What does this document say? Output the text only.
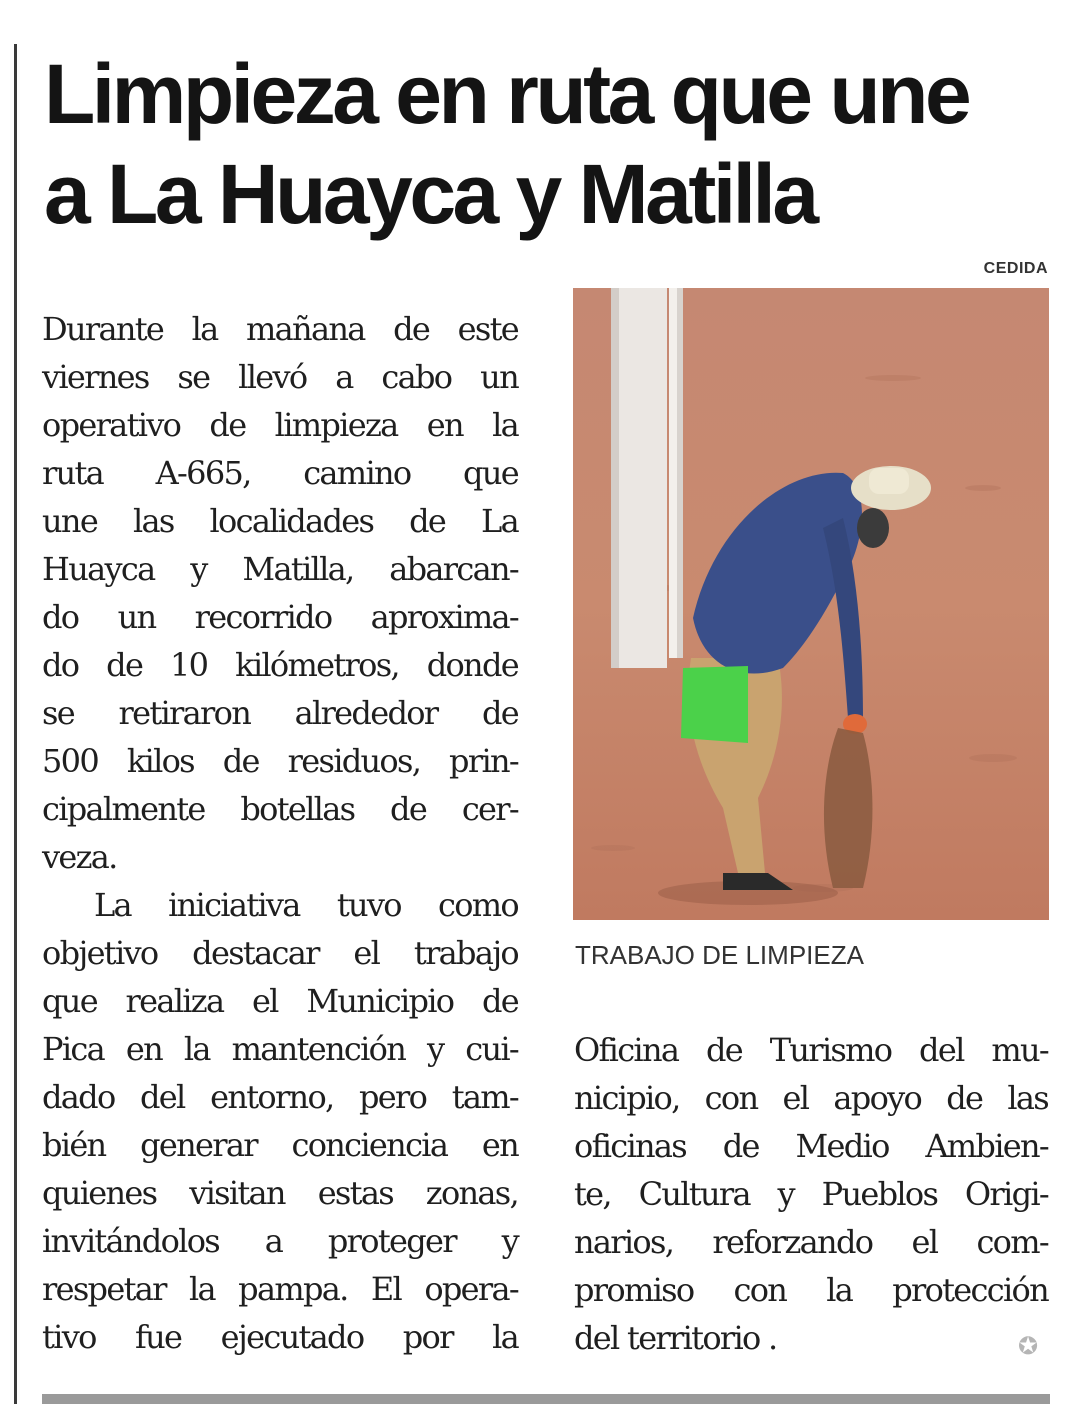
Limpieza en ruta que une
a La Huayca y Matilla
Durante la mañana de este
viernes se llevó a cabo un
operativo de limpieza en la
ruta A-665, camino que
une las localidades de La
Huayca y Matilla, abarcan-
do un recorrido aproxima-
do de 10 kilómetros, donde
se retiraron alrededor de
500 kilos de residuos, prin-
cipalmente botellas de cer-
veza.
La iniciativa tuvo como
objetivo destacar el trabajo
que realiza el Municipio de
Pica en la mantención y cui-
dado del entorno, pero tam-
bién generar conciencia en
quienes visitan estas zonas,
invitándolos a proteger y
respetar la pampa. El opera-
tivo fue ejecutado por la
CEDIDA
TRABAJO DE LIMPIEZA
Oficina de Turismo del mu-
nicipio, con el apoyo de las
oficinas de Medio Ambien-
te, Cultura y Pueblos Origi-
narios, reforzando el com-
promiso con la protección
del territorio .	✪
